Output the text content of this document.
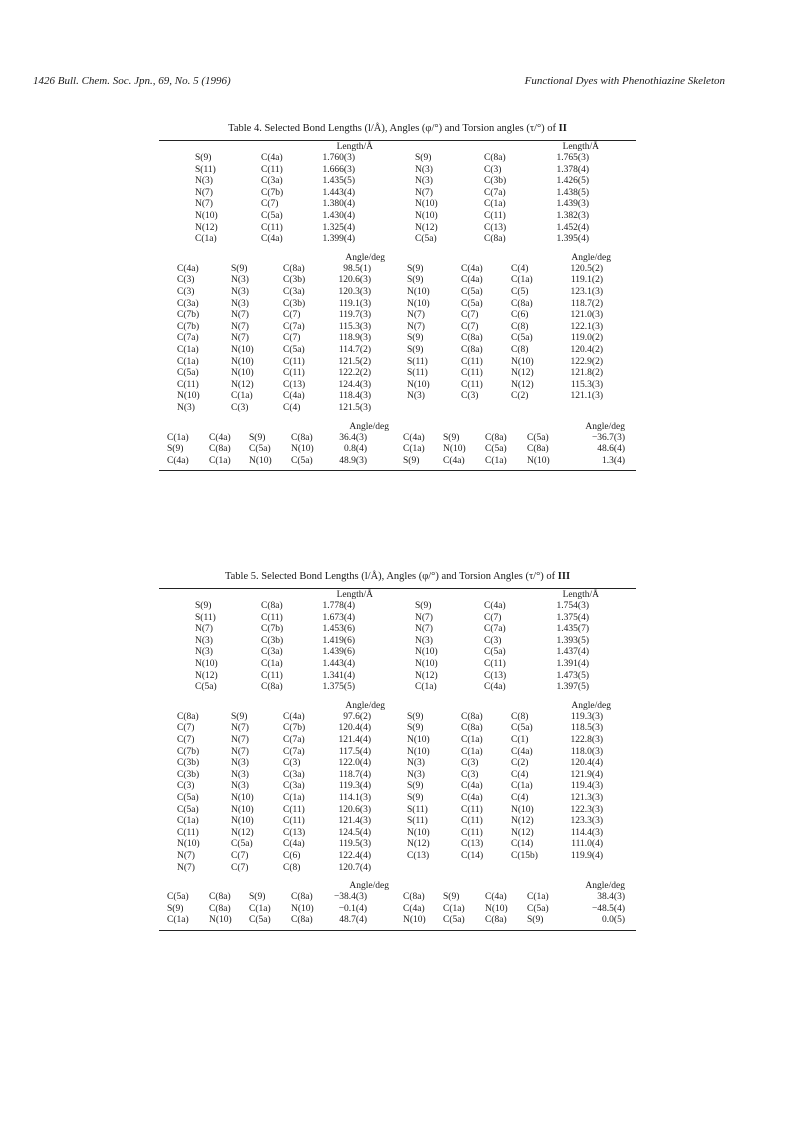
1426 Bull. Chem. Soc. Jpn., 69, No. 5 (1996)	Functional Dyes with Phenothiazine Skeleton
Table 4. Selected Bond Lengths (l/Å), Angles (φ/°) and Torsion angles (τ/°) of II
Length/Å	Length/Å
S(9)	C(4a)	1.760(3)	S(9)	C(8a)	1.765(3)
S(11)	C(11)	1.666(3)	N(3)	C(3)	1.378(4)
N(3)	C(3a)	1.435(5)	N(3)	C(3b)	1.426(5)
N(7)	C(7b)	1.443(4)	N(7)	C(7a)	1.438(5)
N(7)	C(7)	1.380(4)	N(10)	C(1a)	1.439(3)
N(10)	C(5a)	1.430(4)	N(10)	C(11)	1.382(3)
N(12)	C(11)	1.325(4)	N(12)	C(13)	1.452(4)
C(1a)	C(4a)	1.399(4)	C(5a)	C(8a)	1.395(4)
Angle/deg	Angle/deg
C(4a)	S(9)	C(8a)	98.5(1)	S(9)	C(4a)	C(4)	120.5(2)
C(3)	N(3)	C(3b)	120.6(3)	S(9)	C(4a)	C(1a)	119.1(2)
C(3)	N(3)	C(3a)	120.3(3)	N(10)	C(5a)	C(5)	123.1(3)
C(3a)	N(3)	C(3b)	119.1(3)	N(10)	C(5a)	C(8a)	118.7(2)
C(7b)	N(7)	C(7)	119.7(3)	N(7)	C(7)	C(6)	121.0(3)
C(7b)	N(7)	C(7a)	115.3(3)	N(7)	C(7)	C(8)	122.1(3)
C(7a)	N(7)	C(7)	118.9(3)	S(9)	C(8a)	C(5a)	119.0(2)
C(1a)	N(10)	C(5a)	114.7(2)	S(9)	C(8a)	C(8)	120.4(2)
C(1a)	N(10)	C(11)	121.5(2)	S(11)	C(11)	N(10)	122.9(2)
C(5a)	N(10)	C(11)	122.2(2)	S(11)	C(11)	N(12)	121.8(2)
C(11)	N(12)	C(13)	124.4(3)	N(10)	C(11)	N(12)	115.3(3)
N(10)	C(1a)	C(4a)	118.4(3)	N(3)	C(3)	C(2)	121.1(3)
N(3)	C(3)	C(4)	121.5(3)
Angle/deg	Angle/deg
C(1a) C(4a) S(9)	C(8a)	36.4(3)	C(4a) S(9)	C(8a) C(5a)	−36.7(3)
S(9)	C(8a) C(5a) N(10)	0.8(4)	C(1a) N(10) C(5a) C(8a)	48.6(4)
C(4a) C(1a) N(10) C(5a)	48.9(3)	S(9) C(4a) C(1a) N(10)	1.3(4)
Table 5. Selected Bond Lengths (l/Å), Angles (φ/°) and Torsion Angles (τ/°) of III
Length/Å	Length/Å
S(9)	C(8a)	1.778(4)	S(9)	C(4a)	1.754(3)
S(11)	C(11)	1.673(4)	N(7)	C(7)	1.375(4)
N(7)	C(7b)	1.453(6)	N(7)	C(7a)	1.435(7)
N(3)	C(3b)	1.419(6)	N(3)	C(3)	1.393(5)
N(3)	C(3a)	1.439(6)	N(10)	C(5a)	1.437(4)
N(10)	C(1a)	1.443(4)	N(10)	C(11)	1.391(4)
N(12)	C(11)	1.341(4)	N(12)	C(13)	1.473(5)
C(5a)	C(8a)	1.375(5)	C(1a)	C(4a)	1.397(5)
Angle/deg	Angle/deg
C(8a)	S(9)	C(4a)	97.6(2)	S(9)	C(8a)	C(8)	119.3(3)
C(7)	N(7)	C(7b)	120.4(4)	S(9)	C(8a)	C(5a)	118.5(3)
C(7)	N(7)	C(7a)	121.4(4)	N(10)	C(1a)	C(1)	122.8(3)
C(7b)	N(7)	C(7a)	117.5(4)	N(10)	C(1a)	C(4a)	118.0(3)
C(3b)	N(3)	C(3)	122.0(4)	N(3)	C(3)	C(2)	120.4(4)
C(3b)	N(3)	C(3a)	118.7(4)	N(3)	C(3)	C(4)	121.9(4)
C(3)	N(3)	C(3a)	119.3(4)	S(9)	C(4a)	C(1a)	119.4(3)
C(5a)	N(10)	C(1a)	114.1(3)	S(9)	C(4a)	C(4)	121.3(3)
C(5a)	N(10)	C(11)	120.6(3)	S(11)	C(11)	N(10)	122.3(3)
C(1a)	N(10)	C(11)	121.4(3)	S(11)	C(11)	N(12)	123.3(3)
C(11)	N(12)	C(13)	124.5(4)	N(10)	C(11)	N(12)	114.4(3)
N(10)	C(5a)	C(4a)	119.5(3)	N(12)	C(13)	C(14)	111.0(4)
N(7)	C(7)	C(6)	122.4(4)	C(13)	C(14)	C(15b)	119.9(4)
N(7)	C(7)	C(8)	120.7(4)
Angle/deg	Angle/deg
C(5a) C(8a) S(9)	C(8a) −38.4(3)	C(8a) S(9)	C(4a) C(1a)	38.4(3)
S(9)	C(8a) C(1a) N(10)	−0.1(4)	C(4a) C(1a) N(10) C(5a)	−48.5(4)
C(1a) N(10) C(5a) C(8a)	48.7(4)	N(10) C(5a) C(8a) S(9)	0.0(5)
